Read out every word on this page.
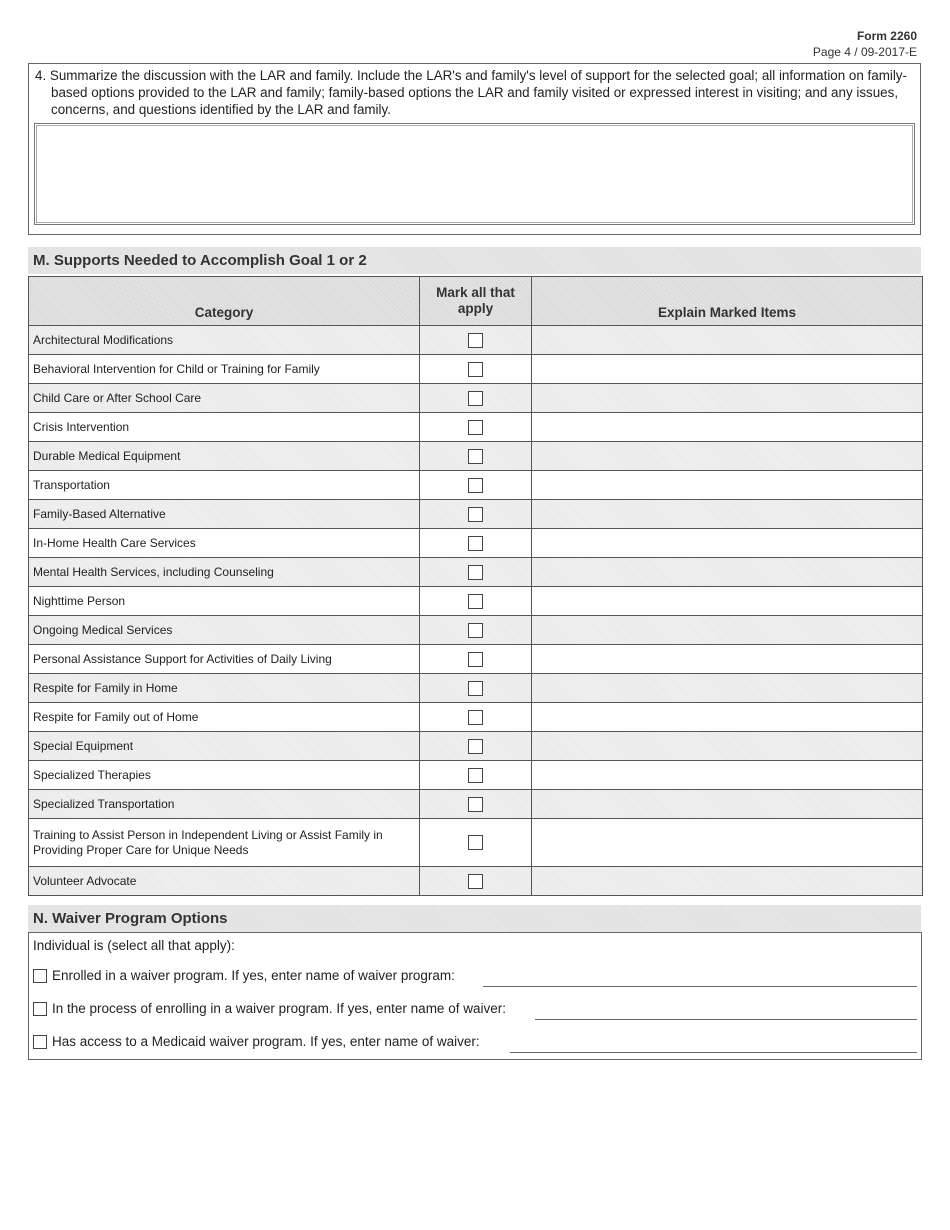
Form 2260
Page 4 / 09-2017-E
4. Summarize the discussion with the LAR and family. Include the LAR's and family's level of support for the selected goal; all information on family-based options provided to the LAR and family; family-based options the LAR and family visited or expressed interest in visiting; and any issues, concerns, and questions identified by the LAR and family.
M. Supports Needed to Accomplish Goal 1 or 2
Category	Mark all that apply	Explain Marked Items
Architectural Modifications		
Behavioral Intervention for Child or Training for Family		
Child Care or After School Care		
Crisis Intervention		
Durable Medical Equipment		
Transportation		
Family-Based Alternative		
In-Home Health Care Services		
Mental Health Services, including Counseling		
Nighttime Person		
Ongoing Medical Services		
Personal Assistance Support for Activities of Daily Living		
Respite for Family in Home		
Respite for Family out of Home		
Special Equipment		
Specialized Therapies		
Specialized Transportation		
Training to Assist Person in Independent Living or Assist Family in Providing Proper Care for Unique Needs		
Volunteer Advocate		
N. Waiver Program Options
Individual is (select all that apply):
Enrolled in a waiver program. If yes, enter name of waiver program:
In the process of enrolling in a waiver program. If yes, enter name of waiver:
Has access to a Medicaid waiver program. If yes, enter name of waiver:
